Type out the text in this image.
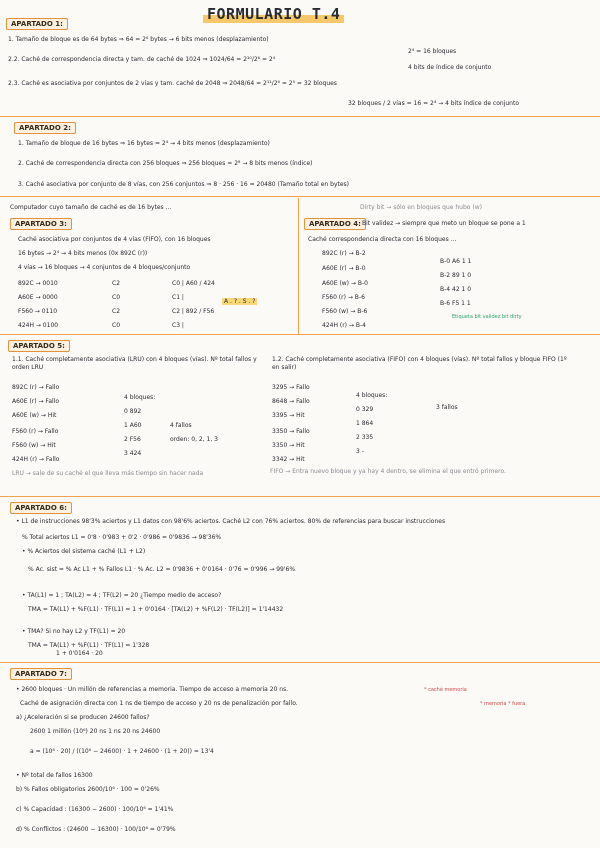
FORMULARIO T.4
APARTADO 1:
1. Tamaño de bloque es de 64 bytes ⇒ 64 = 2⁶ bytes → 6 bits menos (desplazamiento)
2.2. Caché de correspondencia directa y tam. de caché de 1024 ⇒ 1024/64 = 2¹⁰/2⁶ = 2⁴
2⁴ = 16 bloques
4 bits de índice de conjunto
2.3. Caché es asociativa por conjuntos de 2 vías y tam. caché de 2048 ⇒ 2048/64 = 2¹¹/2⁶ = 2⁵ = 32 bloques
32 bloques / 2 vías = 16 = 2⁴ → 4 bits índice de conjunto
APARTADO 2:
1. Tamaño de bloque de 16 bytes ⇒ 16 bytes = 2⁴ → 4 bits menos (desplazamiento)
2. Caché de correspondencia directa con 256 bloques ⇒ 256 bloques = 2⁸ → 8 bits menos (índice)
3. Caché asociativa por conjunto de 8 vías, con 256 conjuntos ⇒ 8 · 256 · 16 = 20480 (Tamaño total en bytes)
Computador cuyo tamaño de caché es de 16 bytes ...
APARTADO 3:
Caché asociativa por conjuntos de 4 vías (FIFO), con 16 bloques
16 bytes → 2⁴ → 4 bits menos (0x 892C (r))
4 vías → 16 bloques → 4 conjuntos de 4 bloques/conjunto
892C → 0010	C2	C0 | A60 / 424
A60E → 0000	C0	C1 |
F560 → 0110	C2	C2 | 892 / F56
424H → 0100	C0	C3 |
A . ? . S . ?
Dirty bit → sólo en bloques que hubo (w)
APARTADO 4: Bit validez → siempre que meto un bloque se pone a 1
Caché correspondencia directa con 16 bloques ...
892C (r) → B-2
B-0 A6 1 1
A60E (r) → B-0
B-2 89 1 0
A60E (w) → B-0
B-4 42 1 0
F560 (r) → B-6
B-6 F5 1 1
F560 (w) → B-6
424H (r) → B-4
Etiqueta bit validez bit dirty
APARTADO 5:
1.1. Caché completamente asociativa (LRU) con 4 bloques (vías). Nº total fallos y orden LRU
892C (r) → Fallo
A60E (r) → Fallo
A60E (w) → Hit
F560 (r) → Fallo
F560 (w) → Hit
424H (r) → Fallo
4 bloques:
0 892
1 A60
2 F56
3 424
4 fallos
orden: 0, 2, 1, 3
LRU → sale de su caché el que lleva más tiempo sin hacer nada
1.2. Caché completamente asociativa (FIFO) con 4 bloques (vías). Nº total fallos y bloque FIFO (1º en salir)
3295 → Fallo
8648 → Fallo
3395 → Hit
3350 → Fallo
3350 → Hit
3342 → Hit
4 bloques:
0 329
1 864
2 335
3 -
3 fallos
FIFO → Entra nuevo bloque y ya hay 4 dentro, se elimina el que entró primero.
APARTADO 6:
• L1 de instrucciones 98'3% aciertos y L1 datos con 98'6% aciertos. Caché L2 con 76% aciertos. 80% de referencias para buscar instrucciones
% Total aciertos L1 = 0'8 · 0'983 + 0'2 · 0'986 = 0'9836 → 98'36%
• % Aciertos del sistema caché (L1 + L2)
% Ac. sist = % Ac L1 + % Fallos L1 · % Ac. L2 = 0'9836 + 0'0164 · 0'76 = 0'996 → 99'6%
• TA(L1) = 1 ; TA(L2) = 4 ; TF(L2) = 20 ¿Tiempo medio de acceso?
TMA = TA(L1) + %F(L1) · TF(L1) = 1 + 0'0164 · [TA(L2) + %F(L2) · TF(L2)] = 1'14432
• TMA? Si no hay L2 y TF(L1) = 20
TMA = TA(L1) + %F(L1) · TF(L1) = 1'328
1 + 0'0164 · 20
APARTADO 7:
• 2600 bloques · Un millón de referencias a memoria. Tiempo de acceso a memoria 20 ns.	* caché memoria
Caché de asignación directa con 1 ns de tiempo de acceso y 20 ns de penalización por fallo.	* memoria * fuera
a) ¿Aceleración si se producen 24600 fallos?
2600 1 millón (10⁶) 20 ns 1 ns 20 ns 24600
a = (10⁶ · 20) / ((10⁶ − 24600) · 1 + 24600 · (1 + 20)) = 13'4
• Nº total de fallos 16300
b) % Fallos obligatorios 2600/10⁶ · 100 = 0'26%
c) % Capacidad : (16300 − 2600) · 100/10⁶ = 1'41%
d) % Conflictos : (24600 − 16300) · 100/10⁶ = 0'79%
